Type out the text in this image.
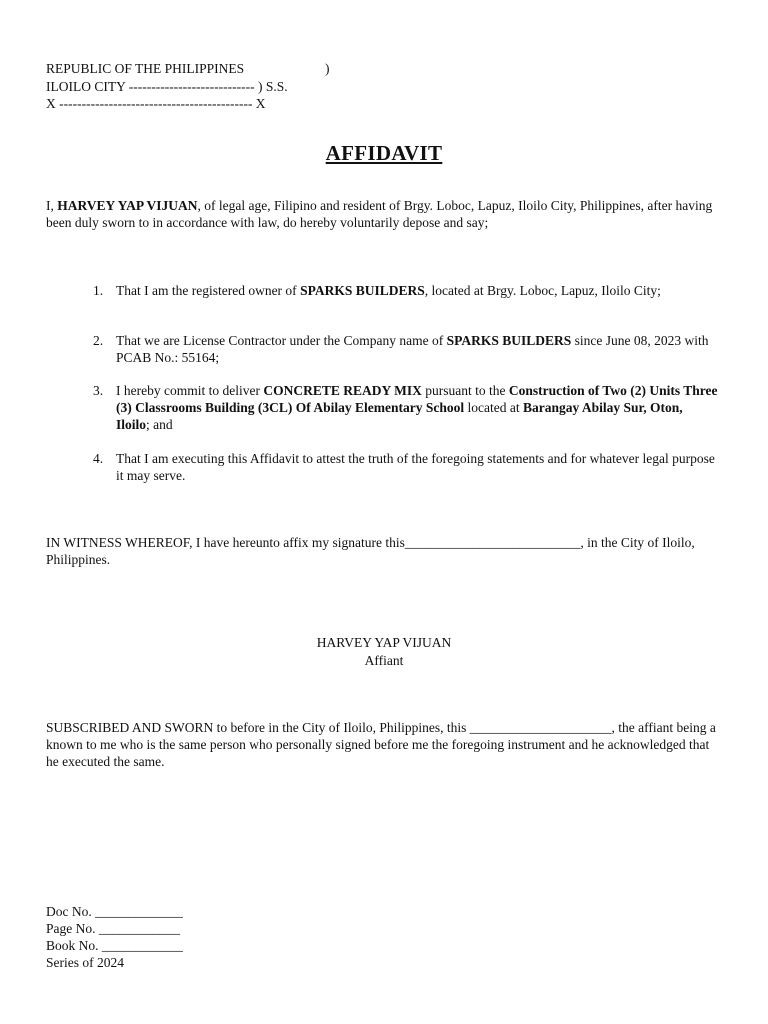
REPUBLIC OF THE PHILIPPINES	)
ILOILO CITY ---------------------------- ) S.S.
X ------------------------------------------- X
AFFIDAVIT
I, HARVEY YAP VIJUAN, of legal age, Filipino and resident of Brgy. Loboc, Lapuz, Iloilo City, Philippines, after having been duly sworn to in accordance with law, do hereby voluntarily depose and say;
1. That I am the registered owner of SPARKS BUILDERS, located at Brgy. Loboc, Lapuz, Iloilo City;
2. That we are License Contractor under the Company name of SPARKS BUILDERS since June 08, 2023 with PCAB No.: 55164;
3. I hereby commit to deliver CONCRETE READY MIX pursuant to the Construction of Two (2) Units Three (3) Classrooms Building (3CL) Of Abilay Elementary School located at Barangay Abilay Sur, Oton, Iloilo; and
4. That I am executing this Affidavit to attest the truth of the foregoing statements and for whatever legal purpose it may serve.
IN WITNESS WHEREOF, I have hereunto affix my signature this__________________________, in the City of Iloilo, Philippines.
HARVEY YAP VIJUAN
Affiant
SUBSCRIBED AND SWORN to before in the City of Iloilo, Philippines, this _____________________, the affiant being a known to me who is the same person who personally signed before me the foregoing instrument and he acknowledged that he executed the same.
Doc No. _____________
Page No. ____________
Book No. ____________
Series of 2024
